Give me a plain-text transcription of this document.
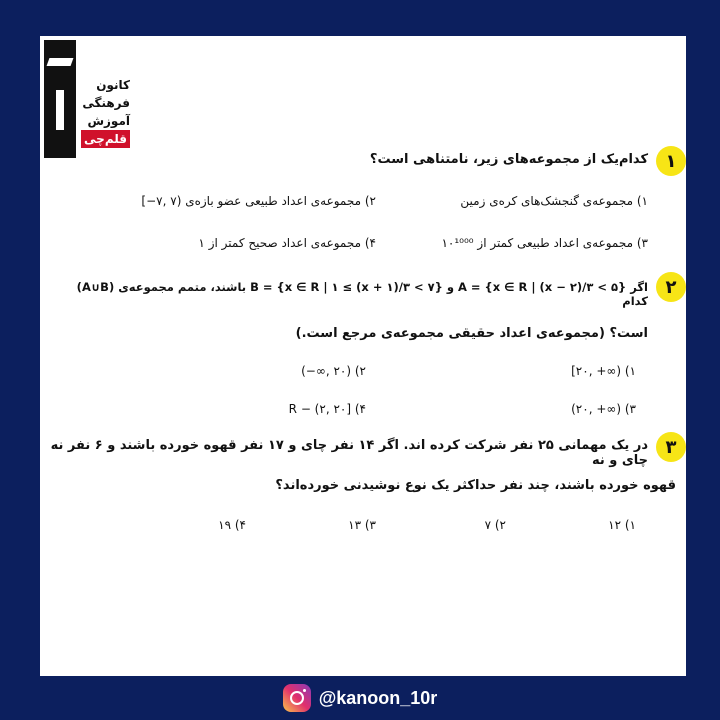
کانون
فرهنگی
آموزش
قلم‌چی
۱
کدام‌یک از مجموعه‌های زیر، نامتناهی است؟
۱) مجموعه‌ی گنجشک‌های کره‌ی زمین
۲) مجموعه‌ی اعداد طبیعی عضو بازه‌ی (۷ ,۷−]
۳) مجموعه‌ی اعداد طبیعی کمتر از ۱۰¹⁰⁰⁰
۴) مجموعه‌ی اعداد صحیح کمتر از ۱
۲
اگر {A = {x ∈ R | (x − ۲)/۳ < ۵ و {B = {x ∈ R | ۱ ≤ (x + ۱)/۳ < ۷ باشند، متمم مجموعه‌ی (A∪B) کدام
است؟ (مجموعه‌ی اعداد حقیقی مجموعه‌ی مرجع است.)
۱) (∞+ ,۲۰]
۲) (۲۰ ,∞−)
۳) (∞+ ,۲۰)
۴) [۲۰ ,۲) − R
۳
در یک مهمانی ۲۵ نفر شرکت کرده اند. اگر ۱۴ نفر چای و ۱۷ نفر قهوه خورده باشند و ۶ نفر نه چای و نه
قهوه خورده باشند، چند نفر حداکثر یک نوع نوشیدنی خورده‌اند؟
۱) ۱۲
۲) ۷
۳) ۱۳
۴) ۱۹
@kanoon_10r
